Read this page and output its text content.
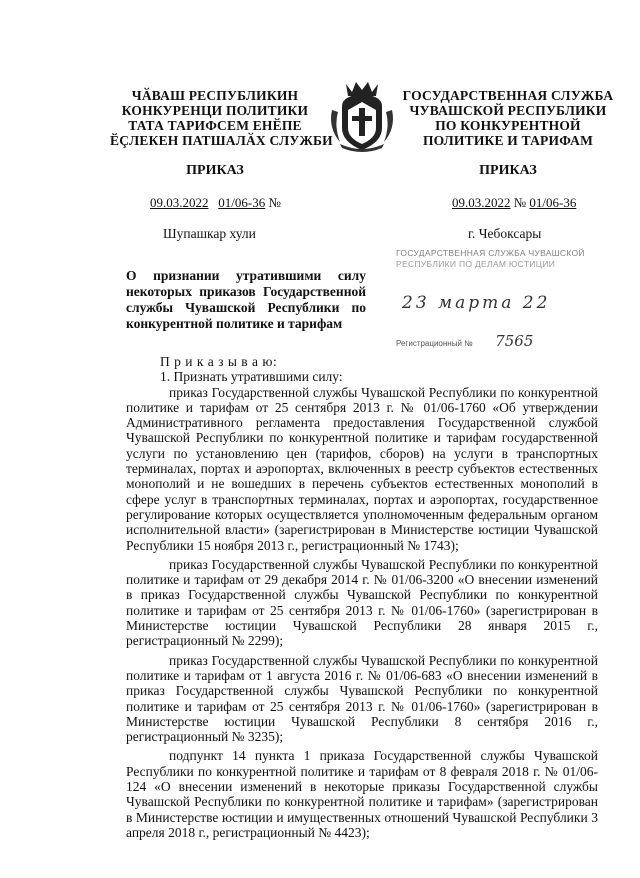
ЧӐВАШ РЕСПУБЛИКИН
КОНКУРЕНЦИ ПОЛИТИКИ
ТАТА ТАРИФСЕМ ЕНӖПЕ
ӖÇЛЕКЕН ПАТШАЛӐХ СЛУЖБИ
ГОСУДАРСТВЕННАЯ СЛУЖБА
ЧУВАШСКОЙ РЕСПУБЛИКИ
ПО КОНКУРЕНТНОЙ
ПОЛИТИКЕ И ТАРИФАМ
ПРИКАЗ	ПРИКАЗ
09.03.2022 01/06-36 №	09.03.2022 № 01/06-36
Шупашкар хули	г. Чебоксары
О признании утратившими силу некоторых приказов Государственной службы Чувашской Республики по конкурентной политике и тарифам
ГОСУДАРСТВЕННАЯ СЛУЖБА ЧУВАШСКОЙ
РЕСПУБЛИКИ ПО ДЕЛАМ ЮСТИЦИИ
23 марта 22
Регистрационный № 7565

П р и к а з ы в а ю:

1. Признать утратившими силу:

приказ Государственной службы Чувашской Республики по конкурентной политике и тарифам от 25 сентября 2013 г. № 01/06-1760 «Об утверждении Административного регламента предоставления Государственной службой Чувашской Республики по конкурентной политике и тарифам государственной услуги по установлению цен (тарифов, сборов) на услуги в транспортных терминалах, портах и аэропортах, включенных в реестр субъектов естественных монополий и не вошедших в перечень субъектов естественных монополий в сфере услуг в транспортных терминалах, портах и аэропортах, государственное регулирование которых осуществляется уполномоченным федеральным органом исполнительной власти» (зарегистрирован в Министерстве юстиции Чувашской Республики 15 ноября 2013 г., регистрационный № 1743);

приказ Государственной службы Чувашской Республики по конкурентной политике и тарифам от 29 декабря 2014 г. № 01/06-3200 «О внесении изменений в приказ Государственной службы Чувашской Республики по конкурентной политике и тарифам от 25 сентября 2013 г. № 01/06-1760» (зарегистрирован в Министерстве юстиции Чувашской Республики 28 января 2015 г., регистрационный № 2299);

приказ Государственной службы Чувашской Республики по конкурентной политике и тарифам от 1 августа 2016 г. № 01/06-683 «О внесении изменений в приказ Государственной службы Чувашской Республики по конкурентной политике и тарифам от 25 сентября 2013 г. № 01/06-1760» (зарегистрирован в Министерстве юстиции Чувашской Республики 8 сентября 2016 г., регистрационный № 3235);

подпункт 14 пункта 1 приказа Государственной службы Чувашской Республики по конкурентной политике и тарифам от 8 февраля 2018 г. № 01/06-124 «О внесении изменений в некоторые приказы Государственной службы Чувашской Республики по конкурентной политике и тарифам» (зарегистрирован в Министерстве юстиции и имущественных отношений Чувашской Республики 3 апреля 2018 г., регистрационный № 4423);
